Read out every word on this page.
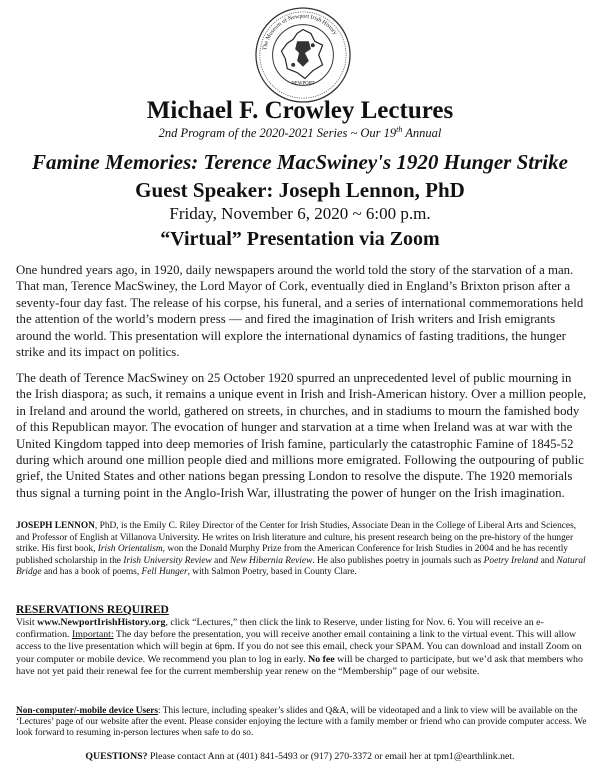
The Museum of Newport Irish History
NEWPORT
Michael F. Crowley Lectures

2nd Program of the 2020-2021 Series ~ Our 19th Annual

Famine Memories: Terence MacSwiney's 1920 Hunger Strike
Guest Speaker: Joseph Lennon, PhD

Friday, November 6, 2020 ~ 6:00 p.m.

“Virtual” Presentation via Zoom

One hundred years ago, in 1920, daily newspapers around the world told the story of the starvation of a man. That man, Terence MacSwiney, the Lord Mayor of Cork, eventually died in England’s Brixton prison after a seventy-four day fast. The release of his corpse, his funeral, and a series of international commemorations held the attention of the world’s modern press — and fired the imagination of Irish writers and Irish emigrants around the world. This presentation will explore the international dynamics of fasting traditions, the hunger strike and its impact on politics.

The death of Terence MacSwiney on 25 October 1920 spurred an unprecedented level of public mourning in the Irish diaspora; as such, it remains a unique event in Irish and Irish-American history. Over a million people, in Ireland and around the world, gathered on streets, in churches, and in stadiums to mourn the famished body of this Republican mayor. The evocation of hunger and starvation at a time when Ireland was at war with the United Kingdom tapped into deep memories of Irish famine, particularly the catastrophic Famine of 1845-52 during which around one million people died and millions more emigrated. Following the outpouring of public grief, the United States and other nations began pressing London to resolve the dispute. The 1920 memorials thus signal a turning point in the Anglo-Irish War, illustrating the power of hunger on the Irish imagination.

JOSEPH LENNON, PhD, is the Emily C. Riley Director of the Center for Irish Studies, Associate Dean in the College of Liberal Arts and Sciences, and Professor of English at Villanova University. He writes on Irish literature and culture, his present research being on the pre-history of the hunger strike. His first book, Irish Orientalism, won the Donald Murphy Prize from the American Conference for Irish Studies in 2004 and he has recently published scholarship in the Irish University Review and New Hibernia Review. He also publishes poetry in journals such as Poetry Ireland and Natural Bridge and has a book of poems, Fell Hunger, with Salmon Poetry, based in County Clare.

RESERVATIONS REQUIRED

Visit www.NewportIrishHistory.org, click “Lectures,” then click the link to Reserve, under listing for Nov. 6. You will receive an e-confirmation. Important: The day before the presentation, you will receive another email containing a link to the virtual event. This will allow access to the live presentation which will begin at 6pm. If you do not see this email, check your SPAM. You can download and install Zoom on your computer or mobile device. We recommend you plan to log in early. No fee will be charged to participate, but we’d ask that members who have not yet paid their renewal fee for the current membership year renew on the “Membership” page of our website.

Non-computer/-mobile device Users: This lecture, including speaker’s slides and Q&A, will be videotaped and a link to view will be available on the ‘Lectures’ page of our website after the event. Please consider enjoying the lecture with a family member or friend who can provide computer access. We look forward to resuming in-person lectures when safe to do so.

QUESTIONS? Please contact Ann at (401) 841-5493 or (917) 270-3372 or email her at tpm1@earthlink.net.
